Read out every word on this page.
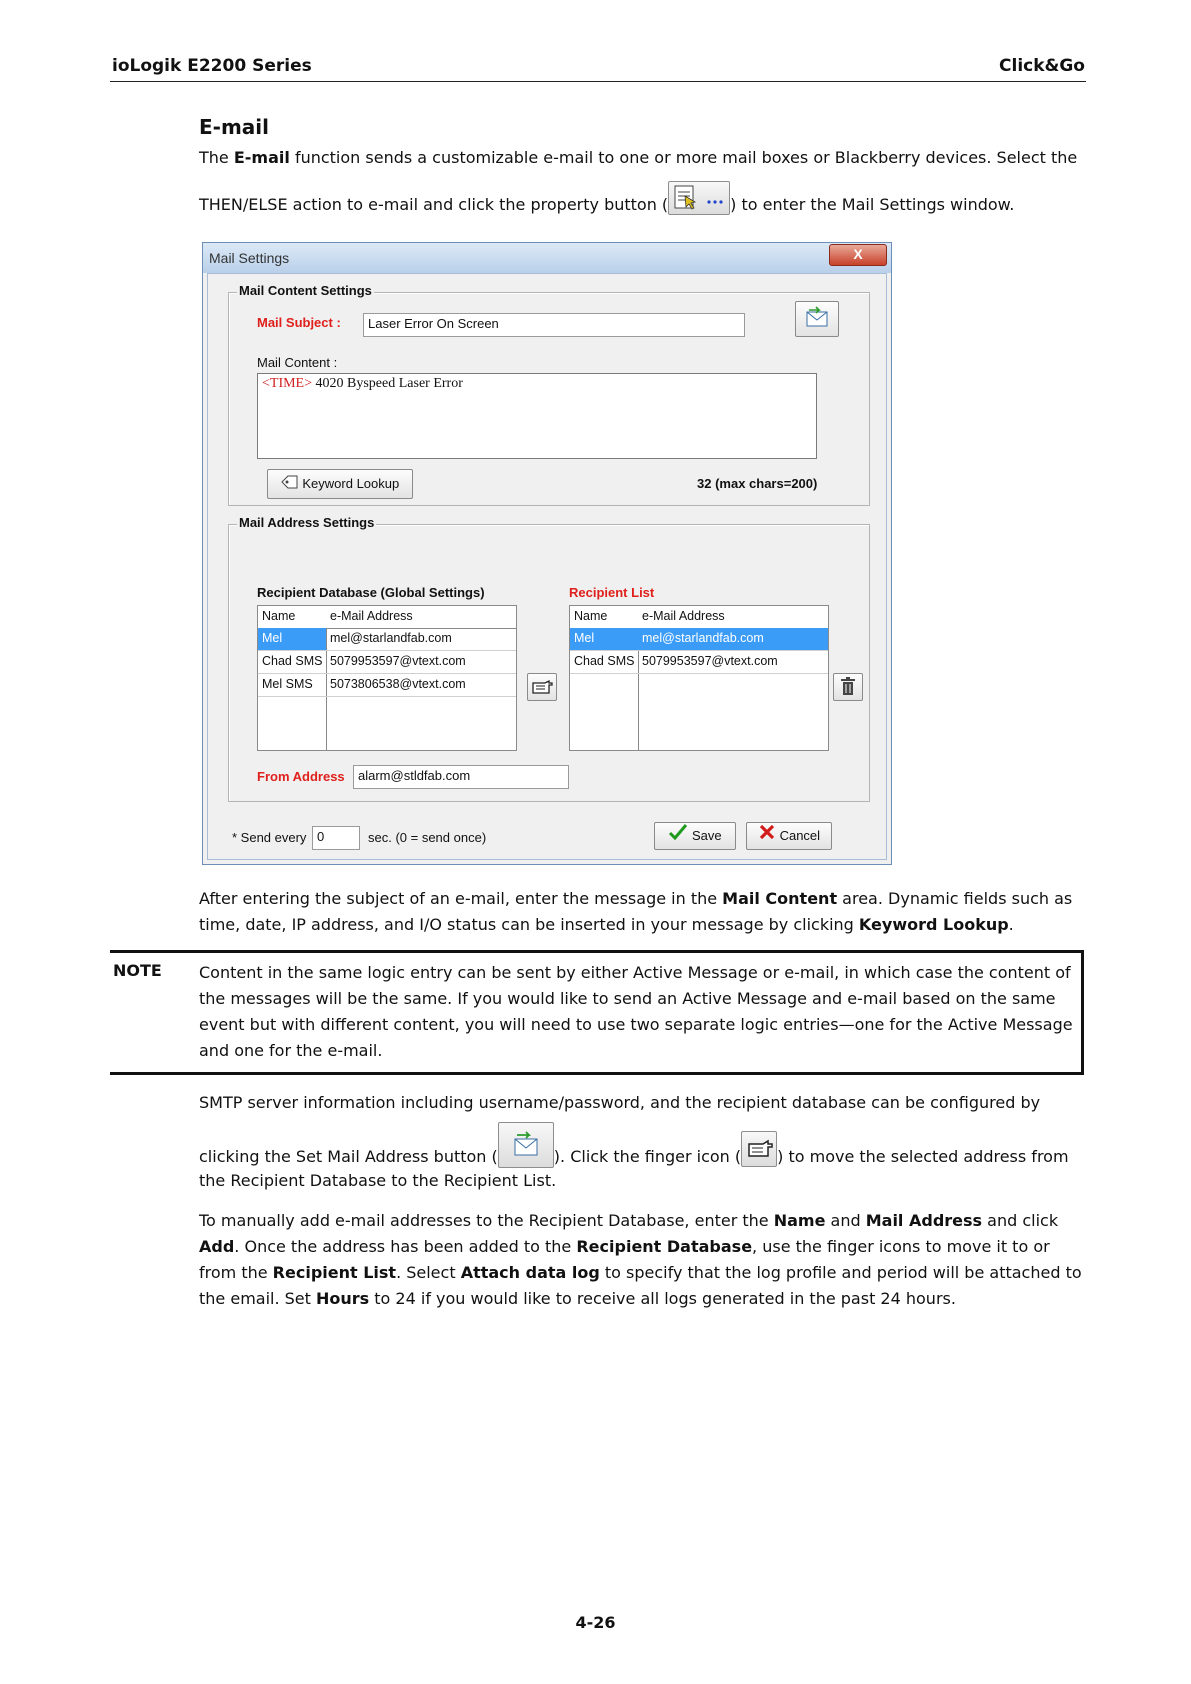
ioLogik E2200 Series	Click&Go
E-mail
The E-mail function sends a customizable e-mail to one or more mail boxes or Blackberry devices. Select the
THEN/ELSE action to e-mail and click the property button (	) to enter the Mail Settings window.
Mail Settings	X
Mail Content Settings
Mail Subject :	Laser Error On Screen
Mail Content :
<TIME> 4020 Byspeed Laser Error
Keyword Lookup	32 (max chars=200)
Mail Address Settings
Recipient Database (Global Settings)	Recipient List
Name	e-Mail Address
Mel	mel@starlandfab.com
Chad SMS 5079953597@vtext.com
Mel SMS 5073806538@vtext.com
Name	e-Mail Address
Mel	mel@starlandfab.com
Chad SMS 5079953597@vtext.com
From Address	alarm@stldfab.com
* Send every 0	sec. (0 = send once)	Save	Cancel
After entering the subject of an e-mail, enter the message in the Mail Content area. Dynamic fields such as time, date, IP address, and I/O status can be inserted in your message by clicking Keyword Lookup.
NOTE Content in the same logic entry can be sent by either Active Message or e-mail, in which case the content of the messages will be the same. If you would like to send an Active Message and e-mail based on the same event but with different content, you will need to use two separate logic entries—one for the Active Message and one for the e-mail.
SMTP server information including username/password, and the recipient database can be configured by
clicking the Set Mail Address button (	). Click the finger icon ( ) to move the selected address from
the Recipient Database to the Recipient List.
To manually add e-mail addresses to the Recipient Database, enter the Name and Mail Address and click Add. Once the address has been added to the Recipient Database, use the finger icons to move it to or from the Recipient List. Select Attach data log to specify that the log profile and period will be attached to the email. Set Hours to 24 if you would like to receive all logs generated in the past 24 hours.
4-26
